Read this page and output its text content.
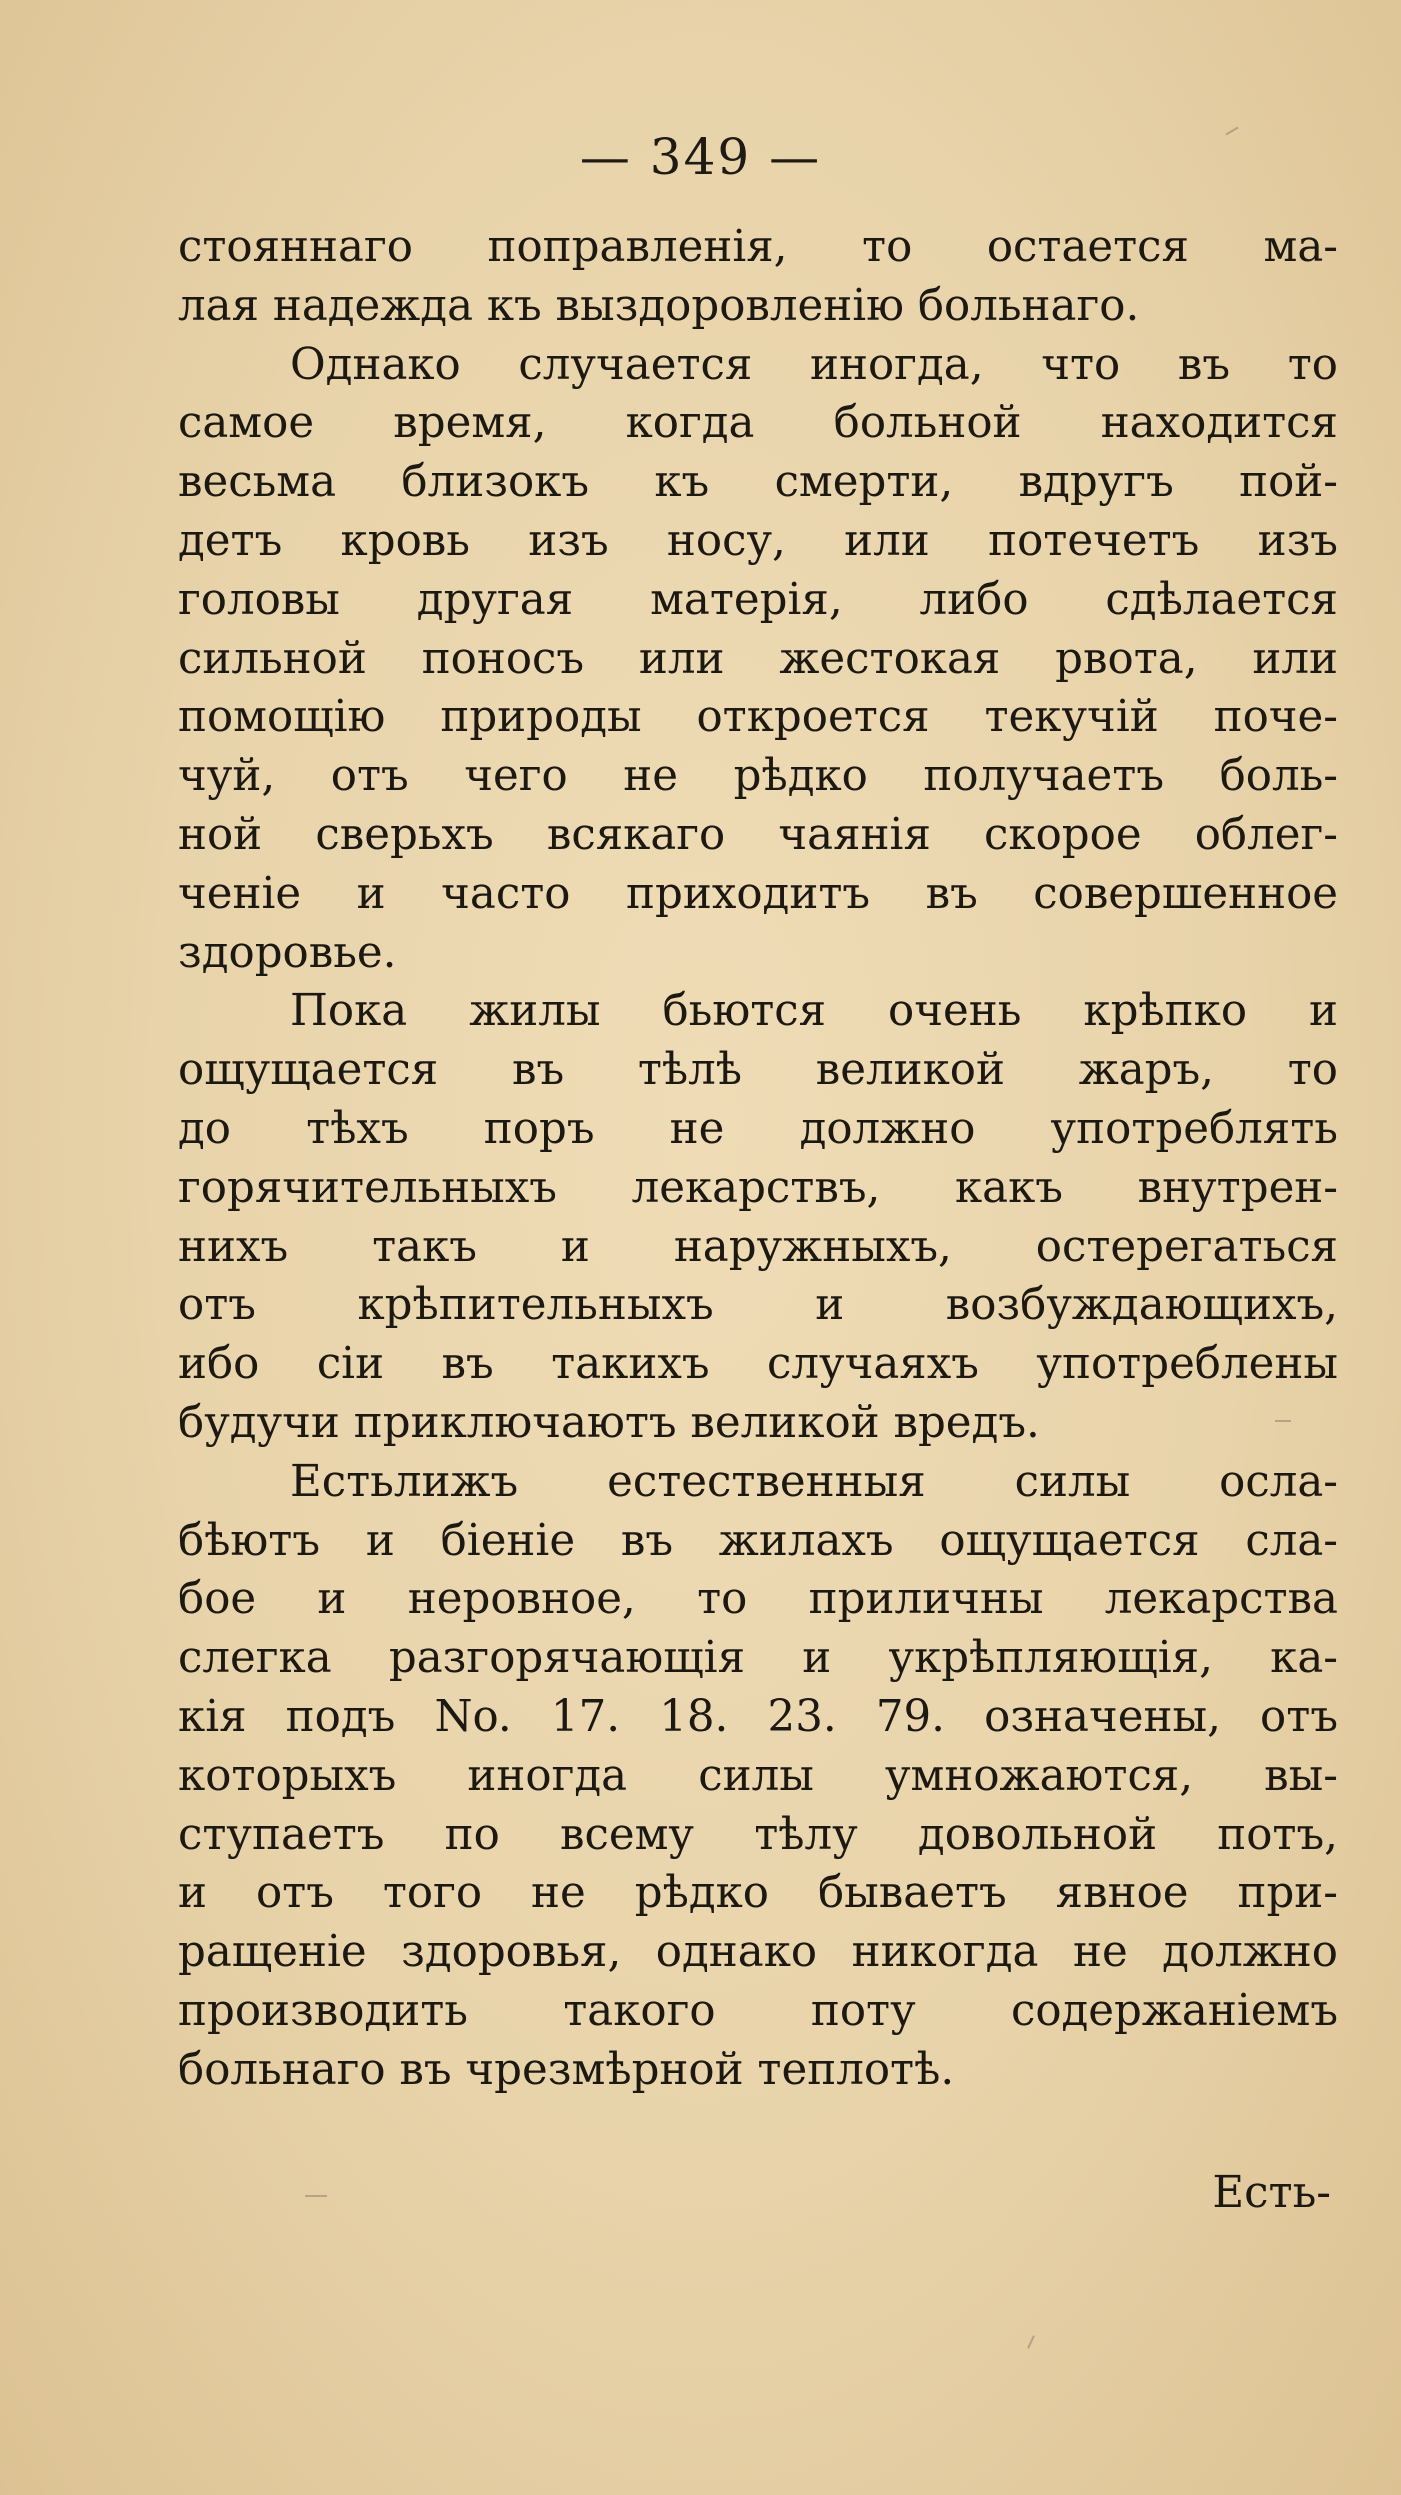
— 349 —
стояннаго поправленія, то остается ма-
лая надежда къ выздоровленію больнаго.
Однако случается иногда, что въ то
самое время, когда больной находится
весьма близокъ къ смерти, вдругъ пой-
детъ кровь изъ носу, или потечетъ изъ
головы другая матерія, либо сдѣлается
сильной поносъ или жестокая рвота, или
помощію природы откроется текучій поче-
чуй, отъ чего не рѣдко получаетъ боль-
ной сверьхъ всякаго чаянія скорое облег-
ченіе и часто приходитъ въ совершенное
здоровье.
Пока жилы бьются очень крѣпко и
ощущается въ тѣлѣ великой жаръ, то
до тѣхъ поръ не должно употреблять
горячительныхъ лекарствъ, какъ внутрен-
нихъ такъ и наружныхъ, остерегаться
отъ крѣпительныхъ и возбуждающихъ,
ибо сіи въ такихъ случаяхъ употреблены
будучи приключаютъ великой вредъ.
Естьлижъ естественныя силы осла-
бѣютъ и біеніе въ жилахъ ощущается сла-
бое и неровное, то приличны лекарства
слегка разгорячающія и укрѣпляющія, ка-
кія подъ No. 17. 18. 23. 79. означены, отъ
которыхъ иногда силы умножаются, вы-
ступаетъ по всему тѣлу довольной потъ,
и отъ того не рѣдко бываетъ явное при-
ращеніе здоровья, однако никогда не должно
производить такого поту содержаніемъ
больнаго въ чрезмѣрной теплотѣ.
Есть-
